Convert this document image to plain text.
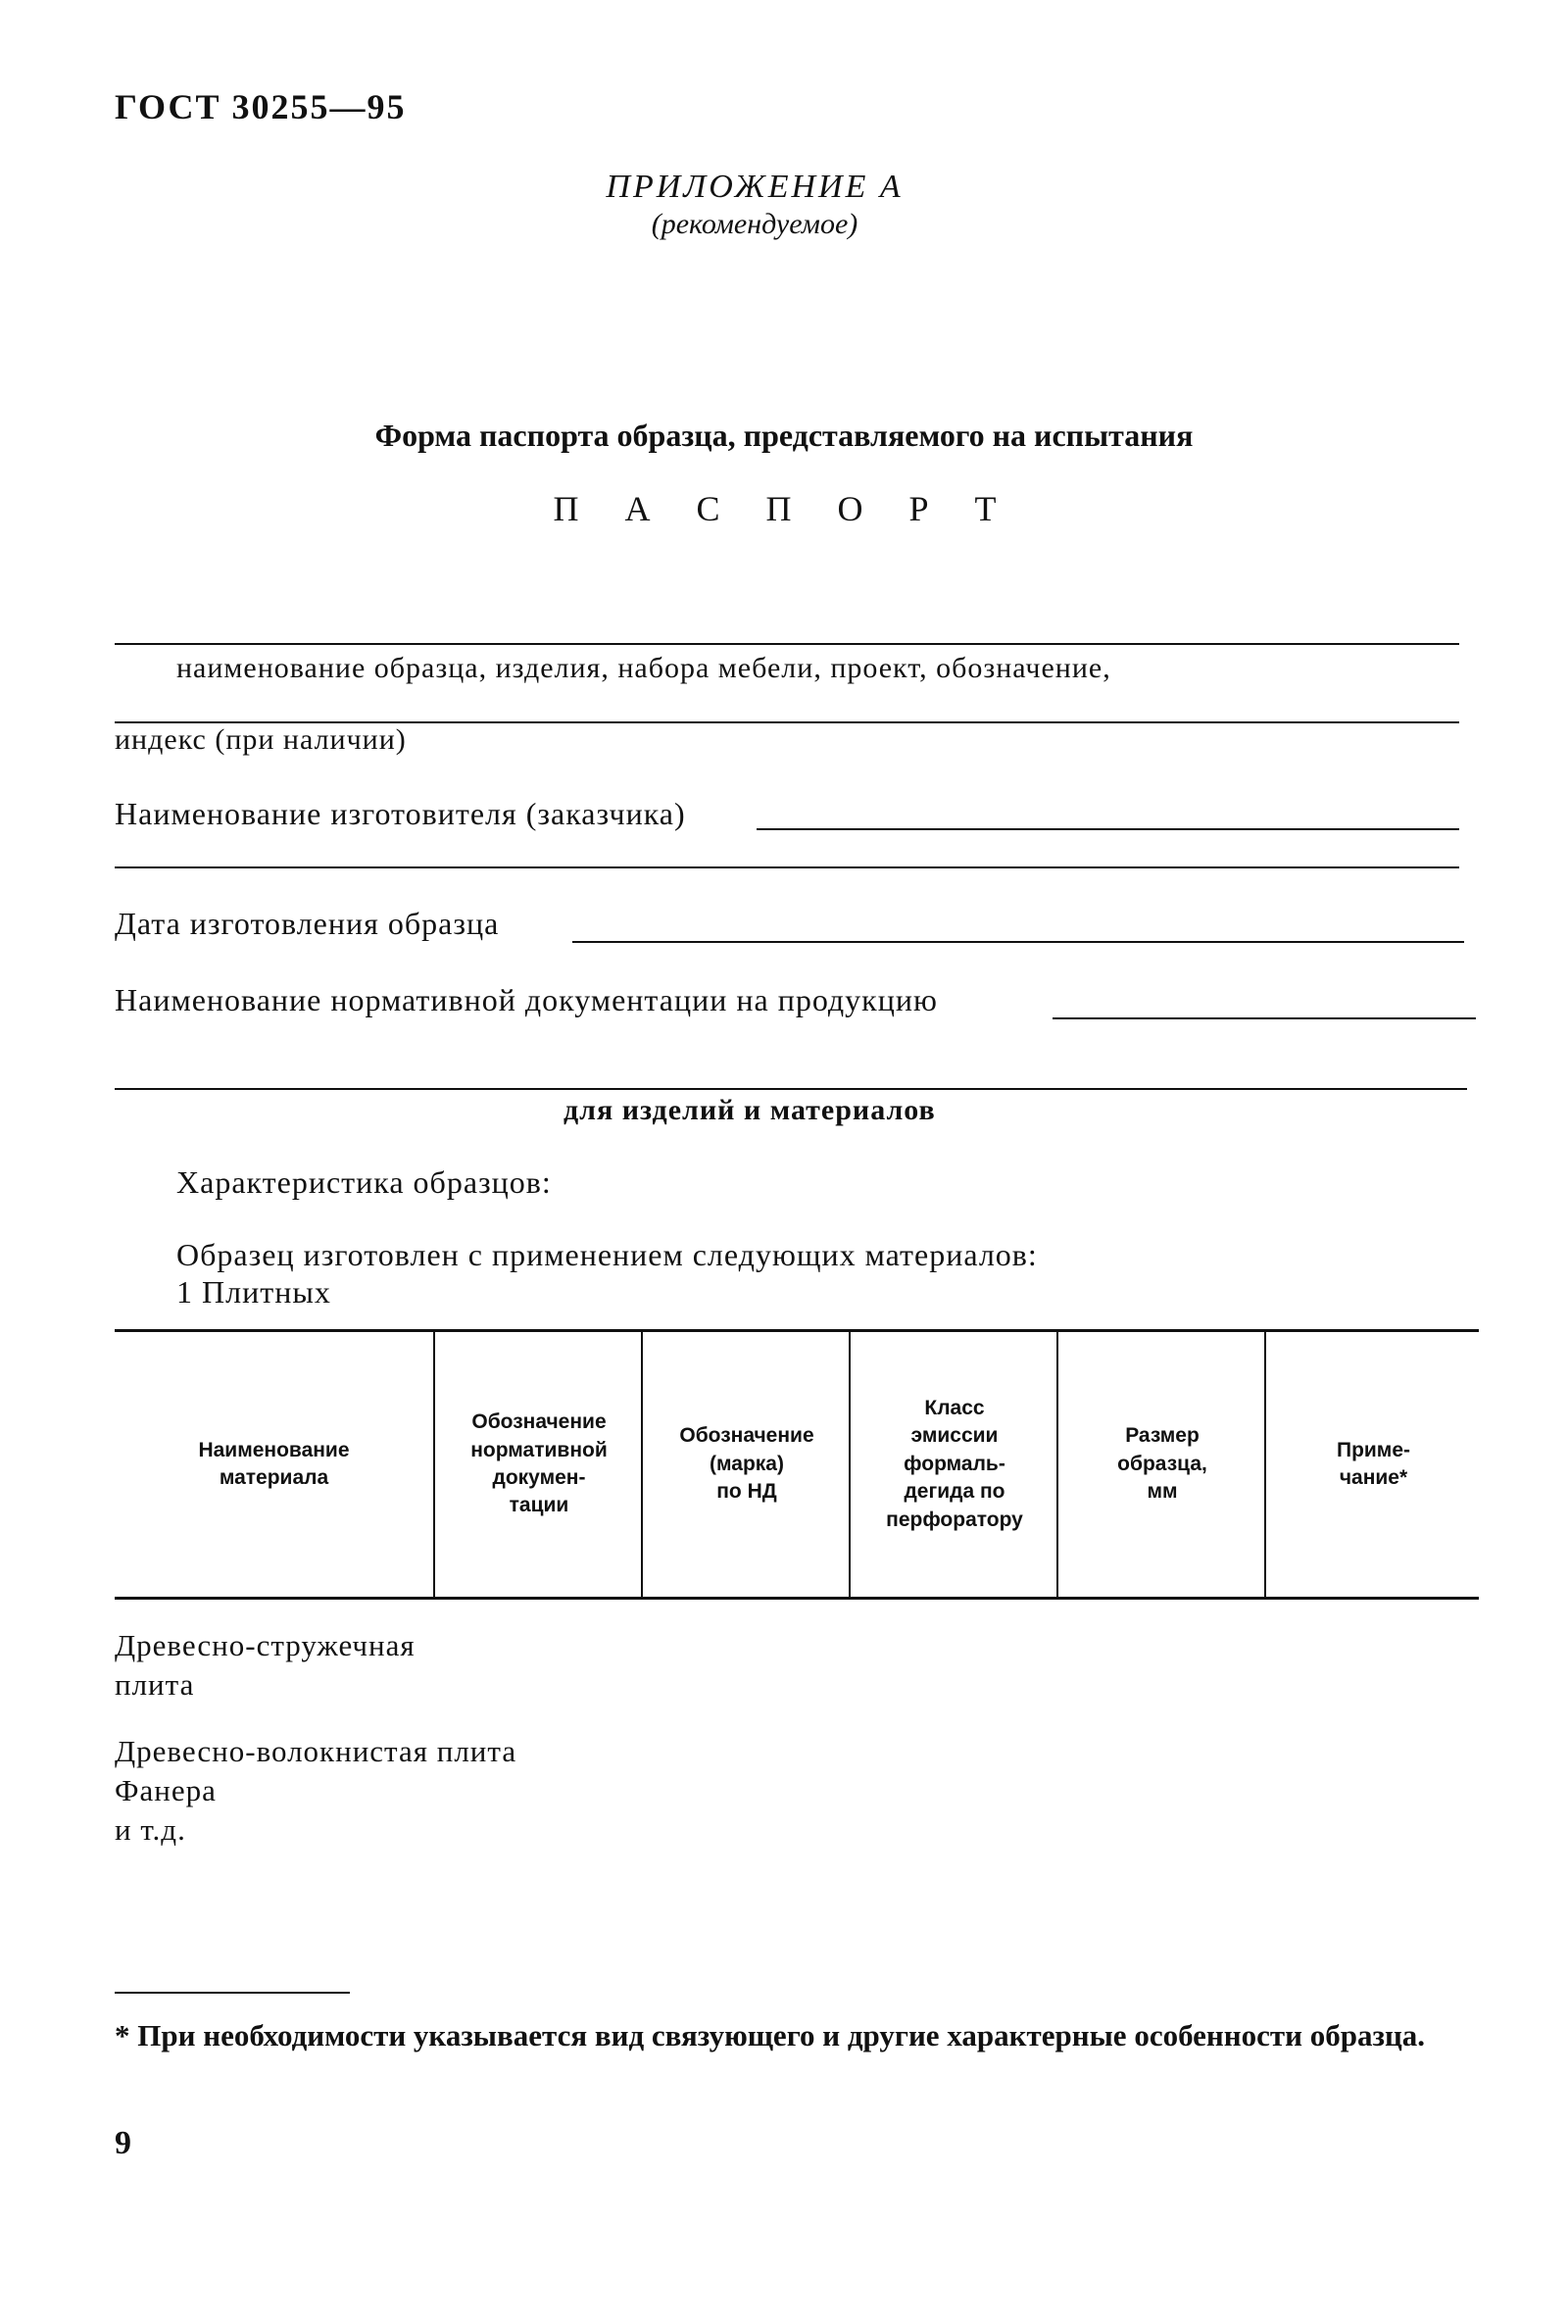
ГОСТ 30255—95
ПРИЛОЖЕНИЕ А
(рекомендуемое)
Форма паспорта образца, представляемого на испытания
П А С П О Р Т
наименование образца, изделия, набора мебели, проект, обозначение,
индекс (при наличии)
Наименование изготовителя (заказчика)
Дата изготовления образца
Наименование нормативной документации на продукцию
для изделий и материалов
Характеристика образцов:
Образец изготовлен с применением следующих материалов:
1 Плитных
Наименование
материала
Обозначение
нормативной
докумен-
тации
Обозначение
(марка)
по НД
Класс
эмиссии
формаль-
дегида по
перфоратору
Размер
образца,
мм
Приме-
чание*
Древесно-стружечная
плита
Древесно-волокнистая плита
Фанера
и т.д.
* При необходимости указывается вид связующего и другие характерные особенности образца.
9
